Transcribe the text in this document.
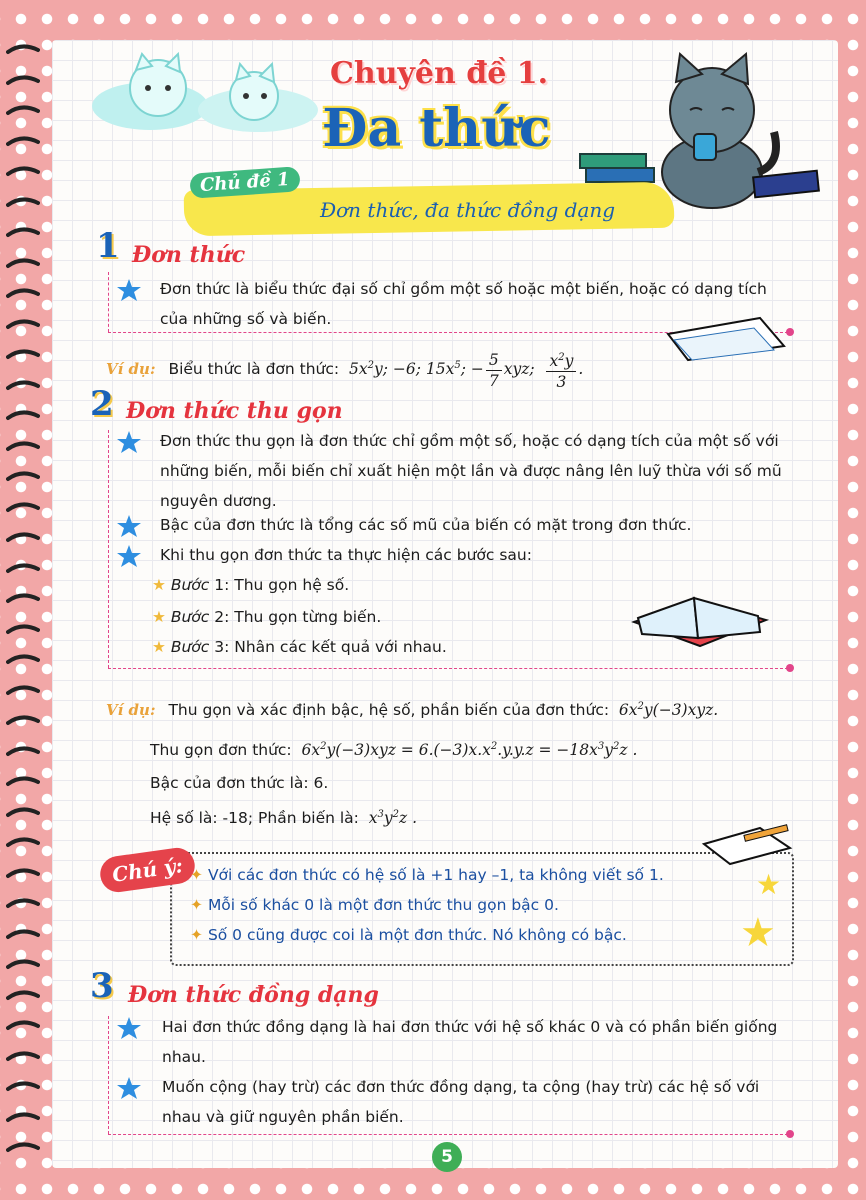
Chuyên đề 1.
Đa thức
Chủ đề 1
Đơn thức, đa thức đồng dạng
1 Đơn thức
Đơn thức là biểu thức đại số chỉ gồm một số hoặc một biến, hoặc có dạng tích của những số và biến.
Ví dụ: Biểu thức là đơn thức:  $5x^2y$; −6; $15x^5$; − $\frac{5}{7}$ xyz; $\frac{x^2y}{3}$ .
2 Đơn thức thu gọn
Đơn thức thu gọn là đơn thức chỉ gồm một số, hoặc có dạng tích của một số với những biến, mỗi biến chỉ xuất hiện một lần và được nâng lên luỹ thừa với số mũ nguyên dương.
Bậc của đơn thức là tổng các số mũ của biến có mặt trong đơn thức.
Khi thu gọn đơn thức ta thực hiện các bước sau:
★ Bước 1: Thu gọn hệ số.
★ Bước 2: Thu gọn từng biến.
★ Bước 3: Nhân các kết quả với nhau.
Ví dụ: Thu gọn và xác định bậc, hệ số, phần biến của đơn thức:  $6x^2y(-3)xyz$.
Thu gọn đơn thức:  $6x^2y(-3)xyz = 6.(-3)x.x^2.y.y.z = -18x^3y^2z$ .
Bậc của đơn thức là: 6.
Hệ số là: -18; Phần biến là:  $x^3y^2z$ .
Chú ý: ✦ Với các đơn thức có hệ số là +1 hay –1, ta không viết số 1.
✦ Mỗi số khác 0 là một đơn thức thu gọn bậc 0.
✦ Số 0 cũng được coi là một đơn thức. Nó không có bậc.
★
★
3 Đơn thức đồng dạng
Hai đơn thức đồng dạng là hai đơn thức với hệ số khác 0 và có phần biến giống nhau.
Muốn cộng (hay trừ) các đơn thức đồng dạng, ta cộng (hay trừ) các hệ số với nhau và giữ nguyên phần biến.
5
